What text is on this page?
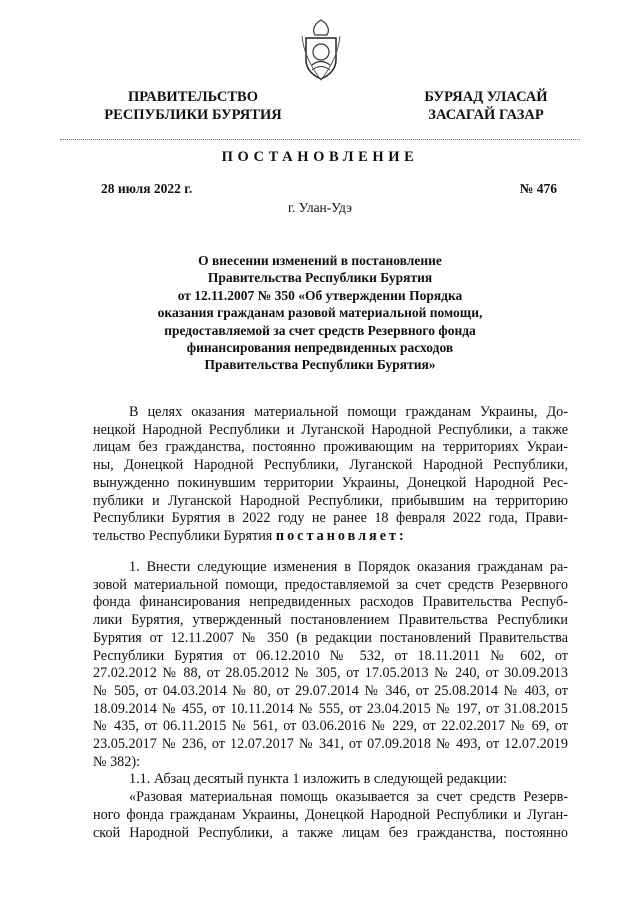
ПРАВИТЕЛЬСТВО
РЕСПУБЛИКИ БУРЯТИЯ
БУРЯАД УЛАСАЙ
ЗАСАГАЙ ГАЗАР
ПОСТАНОВЛЕНИЕ
28 июля 2022 г.	№ 476
г. Улан-Удэ
О внесении изменений в постановление
Правительства Республики Бурятия
от 12.11.2007 № 350 «Об утверждении Порядка
оказания гражданам разовой материальной помощи,
предоставляемой за счет средств Резервного фонда
финансирования непредвиденных расходов
Правительства Республики Бурятия»
В целях оказания материальной помощи гражданам Украины, До-
нецкой Народной Республики и Луганской Народной Республики, а также
лицам без гражданства, постоянно проживающим на территориях Украи-
ны, Донецкой Народной Республики, Луганской Народной Республики,
вынужденно покинувшим территории Украины, Донецкой Народной Рес-
публики и Луганской Народной Республики, прибывшим на территорию
Республики Бурятия в 2022 году не ранее 18 февраля 2022 года, Прави-
тельство Республики Бурятия постановляет:
1. Внести следующие изменения в Порядок оказания гражданам ра-
зовой материальной помощи, предоставляемой за счет средств Резервного
фонда финансирования непредвиденных расходов Правительства Респуб-
лики Бурятия, утвержденный постановлением Правительства Республики
Бурятия от 12.11.2007 № 350 (в редакции постановлений Правительства
Республики Бурятия от 06.12.2010 № 532, от 18.11.2011 № 602, от
27.02.2012 № 88, от 28.05.2012 № 305, от 17.05.2013 № 240, от 30.09.2013
№ 505, от 04.03.2014 № 80, от 29.07.2014 № 346, от 25.08.2014 № 403, от
18.09.2014 № 455, от 10.11.2014 № 555, от 23.04.2015 № 197, от 31.08.2015
№ 435, от 06.11.2015 № 561, от 03.06.2016 № 229, от 22.02.2017 № 69, от
23.05.2017 № 236, от 12.07.2017 № 341, от 07.09.2018 № 493, от 12.07.2019
№ 382):
1.1. Абзац десятый пункта 1 изложить в следующей редакции:
«Разовая материальная помощь оказывается за счет средств Резерв-
ного фонда гражданам Украины, Донецкой Народной Республики и Луган-
ской Народной Республики, а также лицам без гражданства, постоянно
